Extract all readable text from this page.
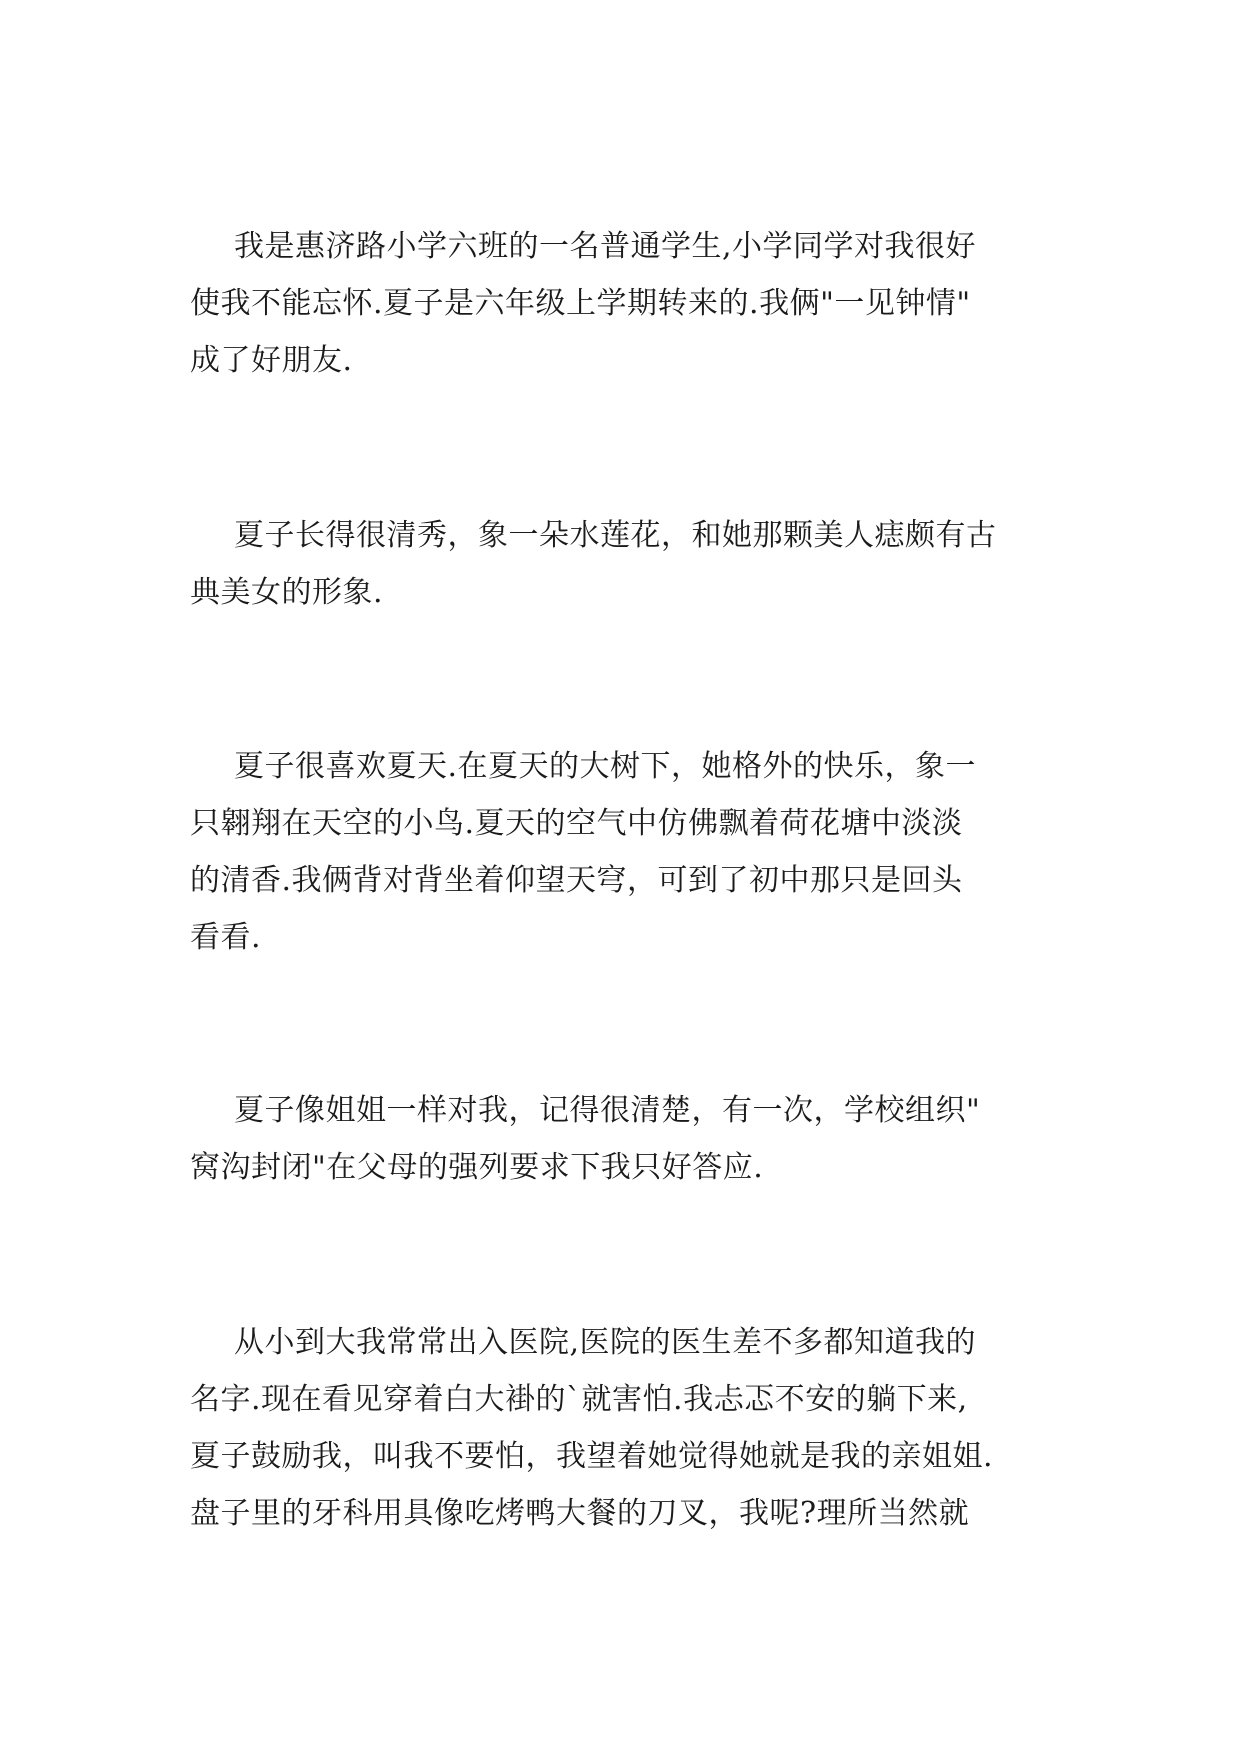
我是惠济路小学六班的一名普通学生,小学同学对我很好
使我不能忘怀.夏子是六年级上学期转来的.我俩"一见钟情"
成了好朋友.

夏子长得很清秀，象一朵水莲花，和她那颗美人痣颇有古
典美女的形象.

夏子很喜欢夏天.在夏天的大树下，她格外的快乐，象一
只翱翔在天空的小鸟.夏天的空气中仿佛飘着荷花塘中淡淡
的清香.我俩背对背坐着仰望天穹，可到了初中那只是回头
看看.

夏子像姐姐一样对我，记得很清楚，有一次，学校组织"
窝沟封闭"在父母的强列要求下我只好答应.

从小到大我常常出入医院,医院的医生差不多都知道我的
名字.现在看见穿着白大褂的`就害怕.我忐忑不安的躺下来,
夏子鼓励我，叫我不要怕，我望着她觉得她就是我的亲姐姐.
盘子里的牙科用具像吃烤鸭大餐的刀叉，我呢?理所当然就
